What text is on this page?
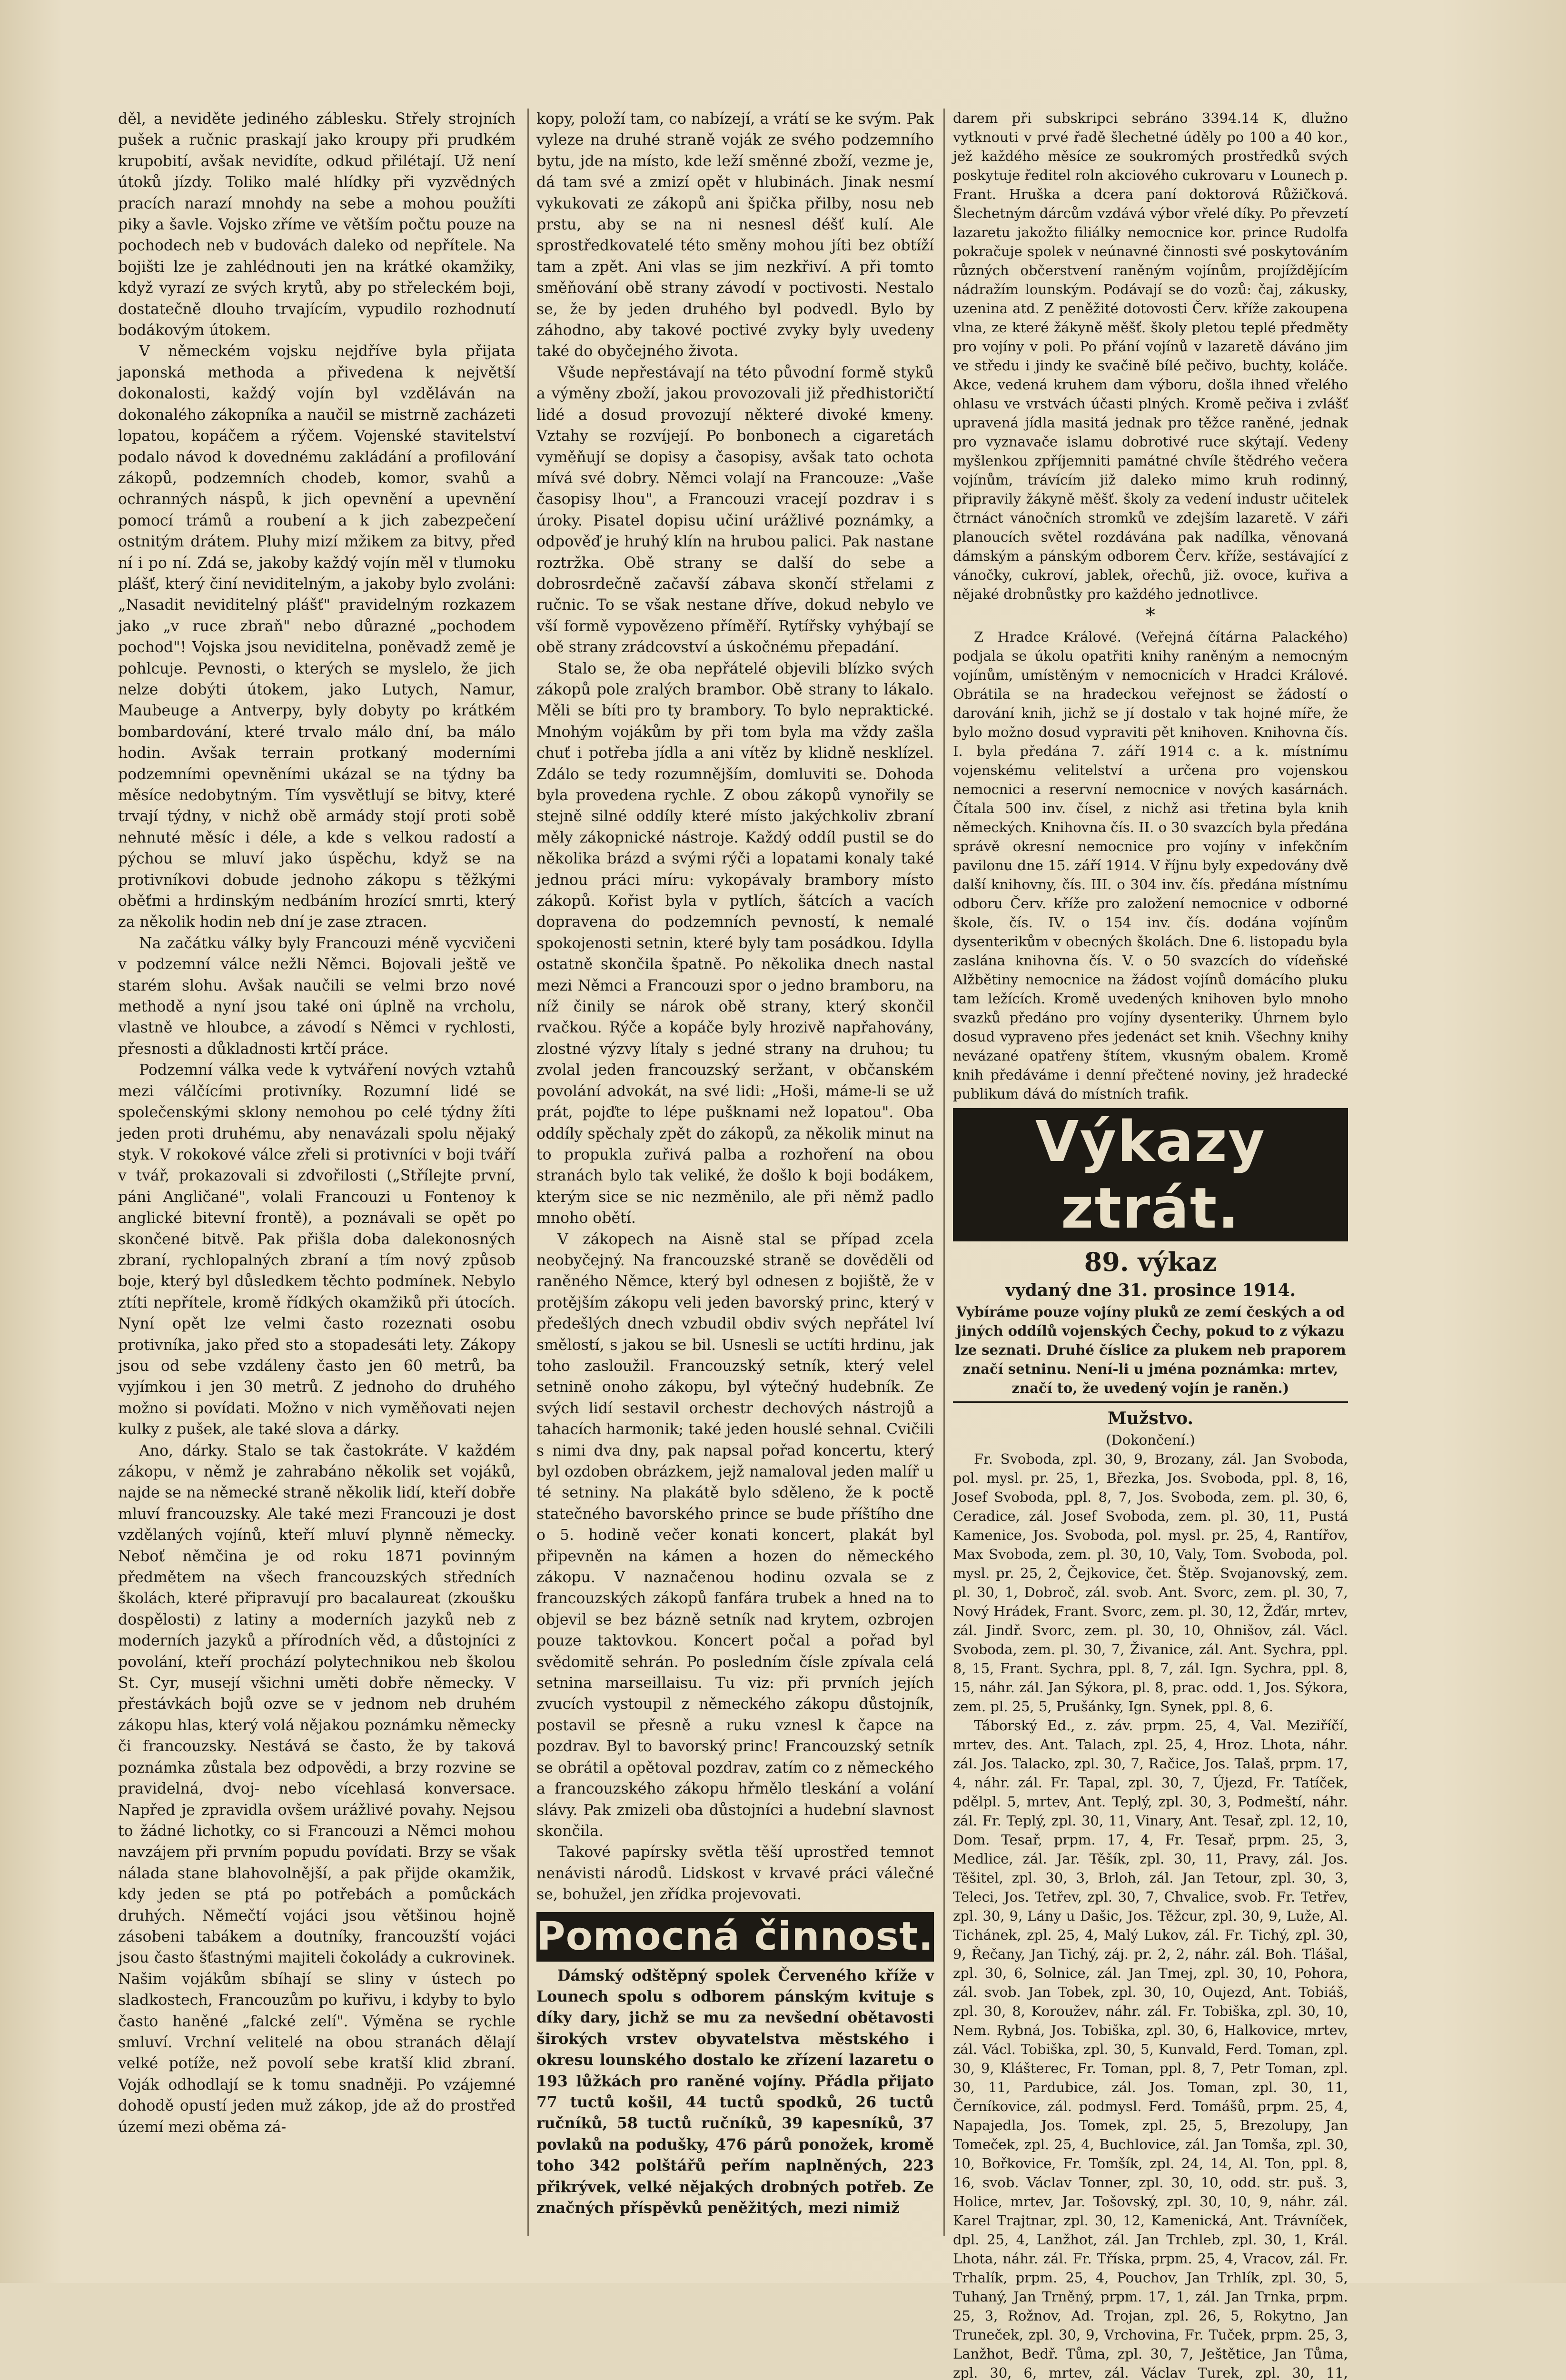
děl, a neviděte jediného záblesku. Střely strojních pušek a ručnic praskají jako kroupy při prudkém krupobití, avšak nevidíte, odkud přilétají. Už není útoků jízdy. Toliko malé hlídky při vyzvědných pracích narazí mnohdy na sebe a mohou použíti piky a šavle. Vojsko zříme ve větším počtu pouze na pochodech neb v budovách daleko od nepřítele. Na bojišti lze je zahlédnouti jen na krátké okamžiky, když vyrazí ze svých krytů, aby po střeleckém boji, dostatečně dlouho trvajícím, vypudilo rozhodnutí bodákovým útokem.

V německém vojsku nejdříve byla přijata japonská methoda a přivedena k největší dokonalosti, každý vojín byl vzděláván na dokonalého zákopníka a naučil se mistrně zacházeti lopatou, kopáčem a rýčem. Vojenské stavitelství podalo návod k dovednému zakládání a profilování zákopů, podzemních chodeb, komor, svahů a ochranných náspů, k jich opevnění a upevnění pomocí trámů a roubení a k jich zabezpečení ostnitým drátem. Pluhy mizí mžikem za bitvy, před ní i po ní. Zdá se, jakoby každý vojín měl v tlumoku plášť, který činí neviditelným, a jakoby bylo zvoláni: „Nasadit neviditelný plášť" pravidelným rozkazem jako „v ruce zbraň" nebo důrazné „pochodem pochod"! Vojska jsou neviditelna, poněvadž země je pohlcuje. Pevnosti, o kterých se myslelo, že jich nelze dobýti útokem, jako Lutych, Namur, Maubeuge a Antverpy, byly dobyty po krátkém bombardování, které trvalo málo dní, ba málo hodin. Avšak terrain protkaný moderními podzemními opevněními ukázal se na týdny ba měsíce nedobytným. Tím vysvětlují se bitvy, které trvají týdny, v nichž obě armády stojí proti sobě nehnuté měsíc i déle, a kde s velkou radostí a pýchou se mluví jako úspěchu, když se na protivníkovi dobude jednoho zákopu s těžkými oběťmi a hrdinským nedbáním hrozící smrti, který za několik hodin neb dní je zase ztracen.

Na začátku války byly Francouzi méně vycvičeni v podzemní válce nežli Němci. Bojovali ještě ve starém slohu. Avšak naučili se velmi brzo nové methodě a nyní jsou také oni úplně na vrcholu, vlastně ve hloubce, a závodí s Němci v rychlosti, přesnosti a důkladnosti krtčí práce.

Podzemní válka vede k vytváření nových vztahů mezi válčícími protivníky. Rozumní lidé se společenskými sklony nemohou po celé týdny žíti jeden proti druhému, aby nenavázali spolu nějaký styk. V rokokové válce zřeli si protivníci v boji tváří v tvář, prokazovali si zdvořilosti („Střílejte první, páni Angličané", volali Francouzi u Fontenoy k anglické bitevní frontě), a poznávali se opět po skončené bitvě. Pak přišla doba dalekonosných zbraní, rychlopalných zbraní a tím nový způsob boje, který byl důsledkem těchto podmínek. Nebylo ztíti nepřítele, kromě řídkých okamžiků při útocích. Nyní opět lze velmi často rozeznati osobu protivníka, jako před sto a stopadesáti lety. Zákopy jsou od sebe vzdáleny často jen 60 metrů, ba vyjímkou i jen 30 metrů. Z jednoho do druhého možno si povídati. Možno v nich vyměňovati nejen kulky z pušek, ale také slova a dárky.

Ano, dárky. Stalo se tak častokráte. V každém zákopu, v němž je zahrabáno několik set vojáků, najde se na německé straně několik lidí, kteří dobře mluví francouzsky. Ale také mezi Francouzi je dost vzdělaných vojínů, kteří mluví plynně německy. Neboť němčina je od roku 1871 povinným předmětem na všech francouzských středních školách, které připravují pro bacalaureat (zkoušku dospělosti) z latiny a moderních jazyků neb z moderních jazyků a přírodních věd, a důstojníci z povolání, kteří prochází polytechnikou neb školou St. Cyr, musejí všichni uměti dobře německy. V přestávkách bojů ozve se v jednom neb druhém zákopu hlas, který volá nějakou poznámku německy či francouzsky. Nestává se často, že by taková poznámka zůstala bez odpovědi, a brzy rozvine se pravidelná, dvoj- nebo vícehlasá konversace. Napřed je zpravidla ovšem urážlivé povahy. Nejsou to žádné lichotky, co si Francouzi a Němci mohou navzájem při prvním popudu povídati. Brzy se však nálada stane blahovolnější, a pak přijde okamžik, kdy jeden se ptá po potřebách a pomůckách druhých. Němečtí vojáci jsou většinou hojně zásobeni tabákem a doutníky, francouzští vojáci jsou často šťastnými majiteli čokolády a cukrovinek. Našim vojákům sbíhají se sliny v ústech po sladkostech, Francouzům po kuřivu, i kdyby to bylo často haněné „falcké zelí". Výměna se rychle smluví. Vrchní velitelé na obou stranách dělají velké potíže, než povolí sebe kratší klid zbraní. Voják odhodlají se k tomu snadněji. Po vzájemné dohodě opustí jeden muž zákop, jde až do prostřed území mezi oběma zá-

kopy, položí tam, co nabízejí, a vrátí se ke svým. Pak vyleze na druhé straně voják ze svého podzemního bytu, jde na místo, kde leží směnné zboží, vezme je, dá tam své a zmizí opět v hlubinách. Jinak nesmí vykukovati ze zákopů ani špička přilby, nosu neb prstu, aby se na ni nesnesl déšť kulí. Ale sprostředkovatelé této směny mohou jíti bez obtíží tam a zpět. Ani vlas se jim nezkřiví. A při tomto směňování obě strany závodí v poctivosti. Nestalo se, že by jeden druhého byl podvedl. Bylo by záhodno, aby takové poctivé zvyky byly uvedeny také do obyčejného života.

Všude nepřestávají na této původní formě styků a výměny zboží, jakou provozovali již předhistoričtí lidé a dosud provozují některé divoké kmeny. Vztahy se rozvíjejí. Po bonbonech a cigaretách vyměňují se dopisy a časopisy, avšak tato ochota mívá své dobry. Němci volají na Francouze: „Vaše časopisy lhou", a Francouzi vracejí pozdrav i s úroky. Pisatel dopisu učiní urážlivé poznámky, a odpověď je hruhý klín na hrubou palici. Pak nastane roztržka. Obě strany se další do sebe a dobrosrdečně začavší zábava skončí střelami z ručnic. To se však nestane dříve, dokud nebylo ve vší formě vypovězeno příměří. Rytířsky vyhýbají se obě strany zrádcovství a úskočnému přepadání.

Stalo se, že oba nepřátelé objevili blízko svých zákopů pole zralých brambor. Obě strany to lákalo. Měli se bíti pro ty brambory. To bylo nepraktické. Mnohým vojákům by při tom byla ma vždy zašla chuť i potřeba jídla a ani vítěz by klidně nesklízel. Zdálo se tedy rozumnějším, domluviti se. Dohoda byla provedena rychle. Z obou zákopů vynořily se stejně silné oddíly které místo jakýchkoliv zbraní měly zákopnické nástroje. Každý oddíl pustil se do několika brázd a svými rýči a lopatami konaly také jednou práci míru: vykopávaly brambory místo zákopů. Kořist byla v pytlích, šátcích a vacích dopravena do podzemních pevností, k nemalé spokojenosti setnin, které byly tam posádkou. Idylla ostatně skončila špatně. Po několika dnech nastal mezi Němci a Francouzi spor o jedno bramboru, na níž činily se nárok obě strany, který skončil rvačkou. Rýče a kopáče byly hrozivě napřahovány, zlostné výzvy lítaly s jedné strany na druhou; tu zvolal jeden francouzský seržant, v občanském povolání advokát, na své lidi: „Hoši, máme-li se už prát, pojďte to lépe pušknami než lopatou". Oba oddíly spěchaly zpět do zákopů, za několik minut na to propukla zuřivá palba a rozhoření na obou stranách bylo tak veliké, že došlo k boji bodákem, kterým sice se nic nezměnilo, ale při němž padlo mnoho obětí.

V zákopech na Aisně stal se případ zcela neobyčejný. Na francouzské straně se dověděli od raněného Němce, který byl odnesen z bojiště, že v protějším zákopu veli jeden bavorský princ, který v předešlých dnech vzbudil obdiv svých nepřátel lví smělostí, s jakou se bil. Usnesli se uctíti hrdinu, jak toho zasloužil. Francouzský setník, který velel setnině onoho zákopu, byl výtečný hudebník. Ze svých lidí sestavil orchestr dechových nástrojů a tahacích harmonik; také jeden houslé sehnal. Cvičili s nimi dva dny, pak napsal pořad koncertu, který byl ozdoben obrázkem, jejž namaloval jeden malíř u té setniny. Na plakátě bylo sděleno, že k poctě statečného bavorského prince se bude příštího dne o 5. hodině večer konati koncert, plakát byl připevněn na kámen a hozen do německého zákopu. V naznačenou hodinu ozvala se z francouzských zákopů fanfára trubek a hned na to objevil se bez bázně setník nad krytem, ozbrojen pouze taktovkou. Koncert počal a pořad byl svědomitě sehrán. Po posledním čísle zpívala celá setnina marseillaisu. Tu viz: při prvních jejích zvucích vystoupil z německého zákopu důstojník, postavil se přesně a ruku vznesl k čapce na pozdrav. Byl to bavorský princ! Francouzský setník se obrátil a opětoval pozdrav, zatím co z německého a francouzského zákopu hřmělo tleskání a volání slávy. Pak zmizeli oba důstojníci a hudební slavnost skončila.

Takové papírsky světla těší uprostřed temnot nenávisti národů. Lidskost v krvavé práci válečné se, bohužel, jen zřídka projevovati.

Pomocná činnost.

Dámský odštěpný spolek Červeného kříže v Lounech spolu s odborem pánským kvituje s díky dary, jichž se mu za nevšední obětavosti širokých vrstev obyvatelstva městského i okresu lounského dostalo ke zřízení lazaretu o 193 lůžkách pro raněné vojíny. Přádla přijato 77 tuctů košil, 44 tuctů spodků, 26 tuctů ručníků, 58 tuctů ručníků, 39 kapesníků, 37 povlaků na podušky, 476 párů ponožek, kromě toho 342 polštářů peřím naplněných, 223 přikrývek, velké nějakých drobných potřeb. Ze značných příspěvků peněžitých, mezi nimiž

darem při subskripci sebráno 3394.14 K, dlužno vytknouti v prvé řadě šlechetné úděly po 100 a 40 kor., jež každého měsíce ze soukromých prostředků svých poskytuje ředitel roln akciového cukrovaru v Lounech p. Frant. Hruška a dcera paní doktorová Růžičková. Šlechetným dárcům vzdává výbor vřelé díky. Po převzetí lazaretu jakožto filiálky nemocnice kor. prince Rudolfa pokračuje spolek v neúnavné činnosti své poskytováním různých občerstvení raněným vojínům, projíždějícím nádražím lounským. Podávají se do vozů: čaj, zákusky, uzenina atd. Z peněžité dotovosti Červ. kříže zakoupena vlna, ze které žákyně měšť. školy pletou teplé předměty pro vojíny v poli. Po přání vojínů v lazaretě dáváno jim ve středu i jindy ke svačině bílé pečivo, buchty, koláče. Akce, vedená kruhem dam výboru, došla ihned vřelého ohlasu ve vrstvách účasti plných. Kromě pečiva i zvlášť upravená jídla masitá jednak pro těžce raněné, jednak pro vyznavače islamu dobrotivé ruce skýtají. Vedeny myšlenkou zpříjemniti památné chvíle štědrého večera vojínům, trávícím již daleko mimo kruh rodinný, připravily žákyně měšť. školy za vedení industr učitelek čtrnáct vánočních stromků ve zdejším lazaretě. V záři planoucích světel rozdávána pak nadílka, věnovaná dámským a pánským odborem Červ. kříže, sestávající z vánočky, cukroví, jablek, ořechů, již. ovoce, kuřiva a nějaké drobnůstky pro každého jednotlivce.

*

Z Hradce Králové. (Veřejná čítárna Palackého) podjala se úkolu opatřiti knihy raněným a nemocným vojínům, umístěným v nemocnicích v Hradci Králové. Obrátila se na hradeckou veřejnost se žádostí o darování knih, jichž se jí dostalo v tak hojné míře, že bylo možno dosud vypraviti pět knihoven. Knihovna čís. I. byla předána 7. září 1914 c. a k. místnímu vojenskému velitelství a určena pro vojenskou nemocnici a reservní nemocnice v nových kasárnách. Čítala 500 inv. čísel, z nichž asi třetina byla knih německých. Knihovna čís. II. o 30 svazcích byla předána správě okresní nemocnice pro vojíny v infekčním pavilonu dne 15. září 1914. V říjnu byly expedovány dvě další knihovny, čís. III. o 304 inv. čís. předána místnímu odboru Červ. kříže pro založení nemocnice v odborné škole, čís. IV. o 154 inv. čís. dodána vojínům dysenterikům v obecných školách. Dne 6. listopadu byla zaslána knihovna čís. V. o 50 svazcích do vídeňské Alžbětiny nemocnice na žádost vojínů domácího pluku tam ležících. Kromě uvedených knihoven bylo mnoho svazků předáno pro vojíny dysenteriky. Úhrnem bylo dosud vypraveno přes jedenáct set knih. Všechny knihy nevázané opatřeny štítem, vkusným obalem. Kromě knih předáváme i denní přečtené noviny, jež hradecké publikum dává do místních trafik.

Výkazy ztrát.
89. výkaz
vydaný dne 31. prosince 1914.

Vybíráme pouze vojíny pluků ze zemí českých a od jiných oddílů vojenských Čechy, pokud to z výkazu lze seznati. Druhé číslice za plukem neb praporem značí setninu. Není-li u jména poznámka: mrtev, značí to, že uvedený vojín je raněn.)

Mužstvo.

(Dokončení.)

Fr. Svoboda, zpl. 30, 9, Brozany, zál. Jan Svoboda, pol. mysl. pr. 25, 1, Březka, Jos. Svoboda, ppl. 8, 16, Josef Svoboda, ppl. 8, 7, Jos. Svoboda, zem. pl. 30, 6, Ceradice, zál. Josef Svoboda, zem. pl. 30, 11, Pustá Kamenice, Jos. Svoboda, pol. mysl. pr. 25, 4, Rantířov, Max Svoboda, zem. pl. 30, 10, Valy, Tom. Svoboda, pol. mysl. pr. 25, 2, Čejkovice, čet. Štěp. Svojanovský, zem. pl. 30, 1, Dobroč, zál. svob. Ant. Svorc, zem. pl. 30, 7, Nový Hrádek, Frant. Svorc, zem. pl. 30, 12, Žďár, mrtev, zál. Jindř. Svorc, zem. pl. 30, 10, Ohnišov, zál. Václ. Svoboda, zem. pl. 30, 7, Živanice, zál. Ant. Sychra, ppl. 8, 15, Frant. Sychra, ppl. 8, 7, zál. Ign. Sychra, ppl. 8, 15, náhr. zál. Jan Sýkora, pl. 8, prac. odd. 1, Jos. Sýkora, zem. pl. 25, 5, Prušánky, Ign. Synek, ppl. 8, 6.

Táborský Ed., z. záv. prpm. 25, 4, Val. Meziříčí, mrtev, des. Ant. Talach, zpl. 25, 4, Hroz. Lhota, náhr. zál. Jos. Talacko, zpl. 30, 7, Račice, Jos. Talaš, prpm. 17, 4, náhr. zál. Fr. Tapal, zpl. 30, 7, Újezd, Fr. Tatíček, pdělpl. 5, mrtev, Ant. Teplý, zpl. 30, 3, Podmeští, náhr. zál. Fr. Teplý, zpl. 30, 11, Vinary, Ant. Tesař, zpl. 12, 10, Dom. Tesař, prpm. 17, 4, Fr. Tesař, prpm. 25, 3, Medlice, zál. Jar. Těšík, zpl. 30, 11, Pravy, zál. Jos. Těšitel, zpl. 30, 3, Brloh, zál. Jan Tetour, zpl. 30, 3, Teleci, Jos. Tetřev, zpl. 30, 7, Chvalice, svob. Fr. Tetřev, zpl. 30, 9, Lány u Dašic, Jos. Těžcur, zpl. 30, 9, Luže, Al. Tichánek, zpl. 25, 4, Malý Lukov, zál. Fr. Tichý, zpl. 30, 9, Řečany, Jan Tichý, záj. pr. 2, 2, náhr. zál. Boh. Tlášal, zpl. 30, 6, Solnice, zál. Jan Tmej, zpl. 30, 10, Pohora, zál. svob. Jan Tobek, zpl. 30, 10, Oujezd, Ant. Tobiáš, zpl. 30, 8, Koroužev, náhr. zál. Fr. Tobiška, zpl. 30, 10, Nem. Rybná, Jos. Tobiška, zpl. 30, 6, Halkovice, mrtev, zál. Václ. Tobiška, zpl. 30, 5, Kunvald, Ferd. Toman, zpl. 30, 9, Klášterec, Fr. Toman, ppl. 8, 7, Petr Toman, zpl. 30, 11, Pardubice, zál. Jos. Toman, zpl. 30, 11, Černíkovice, zál. podmysl. Ferd. Tomášů, prpm. 25, 4, Napajedla, Jos. Tomek, zpl. 25, 5, Brezolupy, Jan Tomeček, zpl. 25, 4, Buchlovice, zál. Jan Tomša, zpl. 30, 10, Bořkovice, Fr. Tomšík, zpl. 24, 14, Al. Ton, ppl. 8, 16, svob. Václav Tonner, zpl. 30, 10, odd. str. puš. 3, Holice, mrtev, Jar. Tošovský, zpl. 30, 10, 9, náhr. zál. Karel Trajtnar, zpl. 30, 12, Kamenická, Ant. Trávníček, dpl. 25, 4, Lanžhot, zál. Jan Trchleb, zpl. 30, 1, Král. Lhota, náhr. zál. Fr. Tříska, prpm. 25, 4, Vracov, zál. Fr. Trhalík, prpm. 25, 4, Pouchov, Jan Trhlík, zpl. 30, 5, Tuhaný, Jan Trněný, prpm. 17, 1, zál. Jan Trnka, prpm. 25, 3, Rožnov, Ad. Trojan, zpl. 26, 5, Rokytno, Jan Truneček, zpl. 30, 9, Vrchovina, Fr. Tuček, prpm. 25, 3, Lanžhot, Bedř. Tůma, zpl. 30, 7, Ještětice, Jan Tůma, zpl. 30, 6, mrtev, zál. Václav Turek, zpl. 30, 11,
